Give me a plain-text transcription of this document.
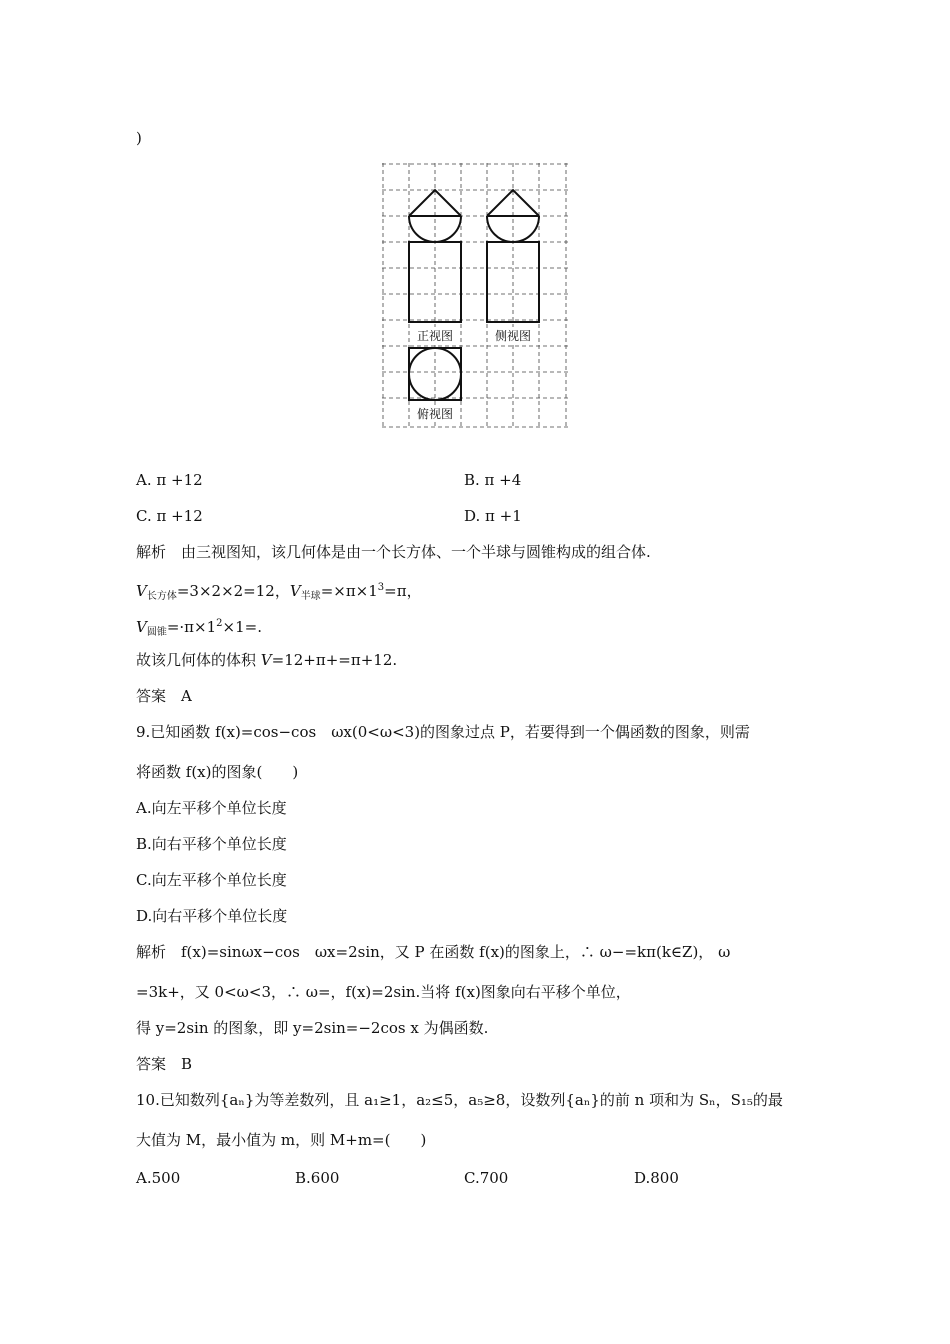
)
正视图	侧视图
俯视图
A. π +12	B. π +4
C. π +12	D. π +1
解析　由三视图知，该几何体是由一个长方体、一个半球与圆锥构成的组合体.
$V_{长方体}=3\times 2\times 2=12$，$V_{半球}=\times\pi\times 1^3=\pi$，
$V_{圆锥}=\cdot\pi\times 1^2\times 1=$.
故该几何体的体积 V=12+π+=π+12.
答案　A
9.已知函数 f(x)=cos−cos　ωx(0<ω<3)的图象过点 P，若要得到一个偶函数的图象，则需
将函数 f(x)的图象(　　)
A.向左平移个单位长度
B.向右平移个单位长度
C.向左平移个单位长度
D.向右平移个单位长度
解析　f(x)=sinωx−cos　ωx=2sin，又 P 在函数 f(x)的图象上，∴ ω−=kπ(k∈Z)， ω
=3k+，又 0<ω<3，∴ ω=，f(x)=2sin.当将 f(x)图象向右平移个单位，
得 y=2sin 的图象，即 y=2sin=−2cos x 为偶函数.
答案　B
10.已知数列{aₙ}为等差数列，且 a₁≥1，a₂≤5，a₅≥8，设数列{aₙ}的前 n 项和为 Sₙ，S₁₅的最
大值为 M，最小值为 m，则 M+m=(　　)
A.500	B.600	C.700	D.800
